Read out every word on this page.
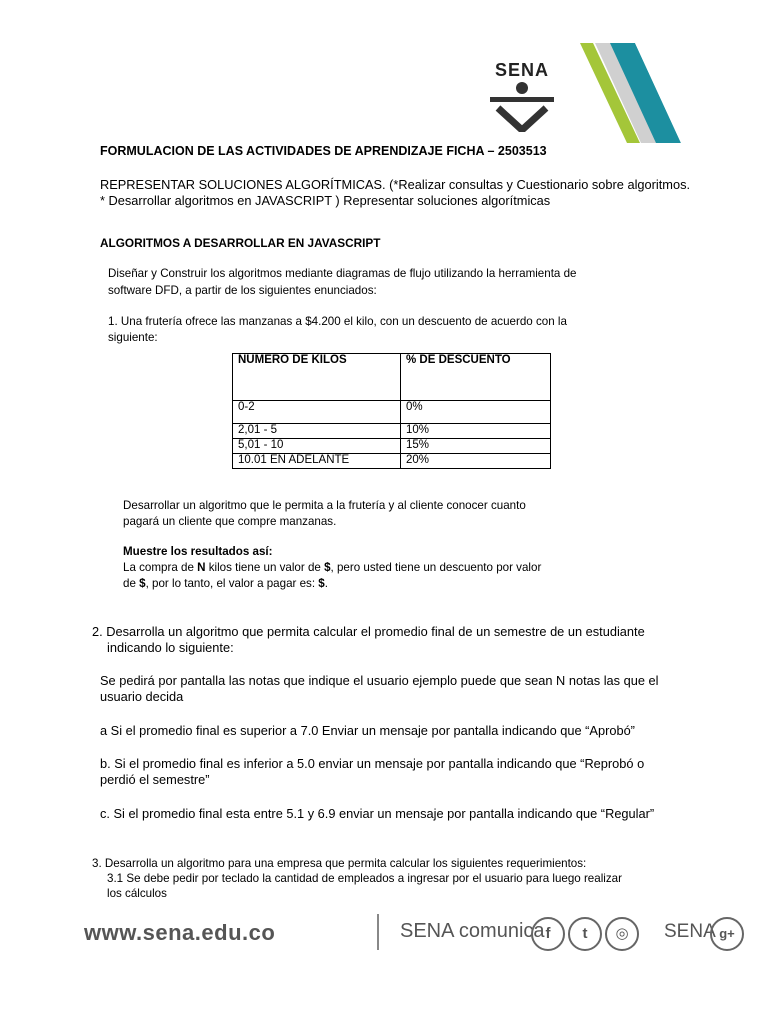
SENA
FORMULACION DE LAS ACTIVIDADES DE APRENDIZAJE FICHA – 2503513
REPRESENTAR SOLUCIONES ALGORÍTMICAS. (*Realizar consultas y Cuestionario sobre algoritmos.
* Desarrollar algoritmos en JAVASCRIPT ) Representar soluciones algorítmicas
ALGORITMOS A DESARROLLAR EN JAVASCRIPT
Diseñar y Construir los algoritmos mediante diagramas de flujo utilizando la herramienta de
software DFD, a partir de los siguientes enunciados:
1. Una frutería ofrece las manzanas a $4.200 el kilo, con un descuento de acuerdo con la
siguiente:
NUMERO DE KILOS	% DE DESCUENTO
0-2	0%
2,01 - 5	10%
5,01 - 10	15%
10.01 EN ADELANTE	20%
Desarrollar un algoritmo que le permita a la frutería y al cliente conocer cuanto
pagará un cliente que compre manzanas.
Muestre los resultados así:
La compra de N kilos tiene un valor de $, pero usted tiene un descuento por valor
de $, por lo tanto, el valor a pagar es: $.
2. Desarrolla un algoritmo que permita calcular el promedio final de un semestre de un estudiante
indicando lo siguiente:
Se pedirá por pantalla las notas que indique el usuario ejemplo puede que sean N notas las que el
usuario decida
a Si el promedio final es superior a 7.0 Enviar un mensaje por pantalla indicando que “Aprobó”
b. Si el promedio final es inferior a 5.0 enviar un mensaje por pantalla indicando que “Reprobó o
perdió el semestre”
c. Si el promedio final esta entre 5.1 y 6.9 enviar un mensaje por pantalla indicando que “Regular”
3. Desarrolla un algoritmo para una empresa que permita calcular los siguientes requerimientos:
3.1 Se debe pedir por teclado la cantidad de empleados a ingresar por el usuario para luego realizar
los cálculos
www.sena.edu.co	SENA comunica f	t	◎	SENA g+
